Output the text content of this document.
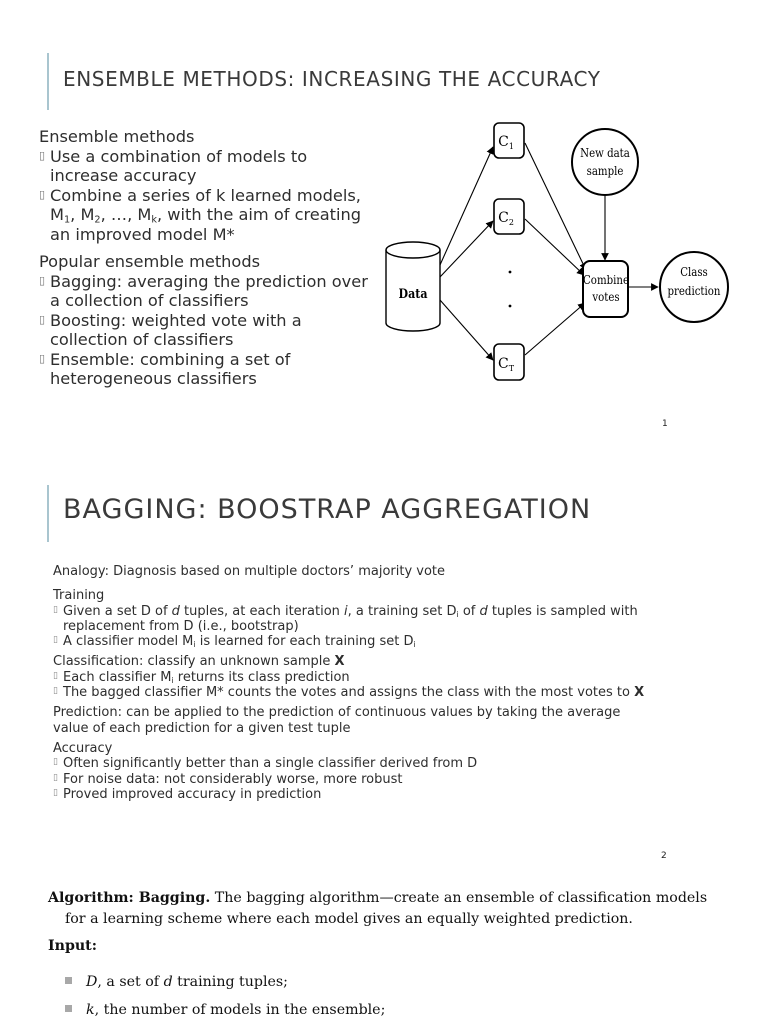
ENSEMBLE METHODS: INCREASING THE ACCURACY

Ensemble methods

▯ Use a combination of models to increase accuracy

▯ Combine a series of k learned models, $M_1$, $M_2$, …, $M_k$, with the aim of creating an improved model M*

Popular ensemble methods

▯ Bagging: averaging the prediction over a collection of classifiers

▯ Boosting: weighted vote with a collection of classifiers

▯ Ensemble: combining a set of heterogeneous classifiers

Data
$C_1$
$C_2$
$C_T$
New data
sample
Combine
votes
Class
prediction
1
BAGGING: BOOSTRAP AGGREGATION

Analogy: Diagnosis based on multiple doctors’ majority vote

Training

▯ Given a set D of d tuples, at each iteration i, a training set $D_i$ of d tuples is sampled with replacement from D (i.e., bootstrap)

▯ A classifier model $M_i$ is learned for each training set $D_i$

Classification: classify an unknown sample X

▯ Each classifier $M_i$ returns its class prediction

▯ The bagged classifier M* counts the votes and assigns the class with the most votes to X

Prediction: can be applied to the prediction of continuous values by taking the average value of each prediction for a given test tuple

Accuracy

▯ Often significantly better than a single classifier derived from D

▯ For noise data: not considerably worse, more robust

▯ Proved improved accuracy in prediction

2
Algorithm: Bagging. The bagging algorithm—create an ensemble of classification models
for a learning scheme where each model gives an equally weighted prediction.
Input:
D, a set of d training tuples;
k, the number of models in the ensemble;
